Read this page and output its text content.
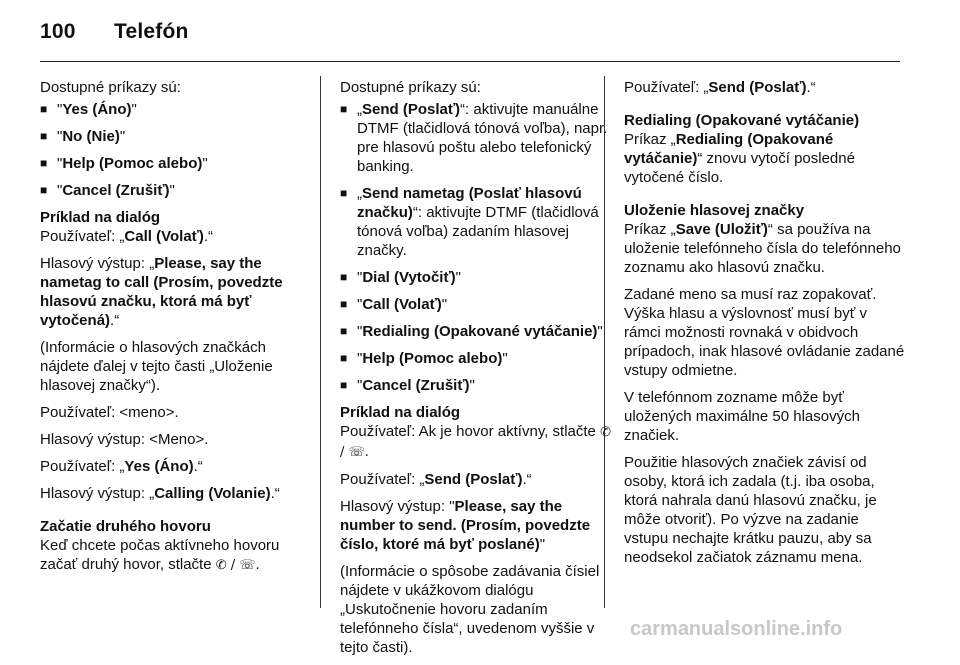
100 Telefón

Dostupné príkazy sú:

■ "Yes (Áno)"
■ "No (Nie)"
■ "Help (Pomoc alebo)"
■ "Cancel (Zrušiť)"
Príklad na dialóg

Používateľ: „Call (Volať).“

Hlasový výstup: „Please, say the nametag to call (Prosím, povedzte hlasovú značku, ktorá má byť vytočená).“

(Informácie o hlasových značkách nájdete ďalej v tejto časti „Uloženie hlasovej značky“).

Používateľ: <meno>.

Hlasový výstup: <Meno>.

Používateľ: „Yes (Áno).“

Hlasový výstup: „Calling (Volanie).“

Začatie druhého hovoru

Keď chcete počas aktívneho hovoru začať druhý hovor, stlačte ✆ / ☏.

Dostupné príkazy sú:

■ „Send (Poslať)“: aktivujte manuálne DTMF (tlačidlová tónová voľba), napr. pre hlasovú poštu alebo telefonický banking.
■ „Send nametag (Poslať hlasovú značku)“: aktivujte DTMF (tlačidlová tónová voľba) zadaním hlasovej značky.
■ "Dial (Vytočiť)"
■ "Call (Volať)"
■ "Redialing (Opakované vytáčanie)"
■ "Help (Pomoc alebo)"
■ "Cancel (Zrušiť)"
Príklad na dialóg

Používateľ: Ak je hovor aktívny, stlačte ✆ / ☏.

Používateľ: „Send (Poslať).“

Hlasový výstup: "Please, say the number to send. (Prosím, povedzte číslo, ktoré má byť poslané)"

(Informácie o spôsobe zadávania čísiel nájdete v ukážkovom dialógu „Uskutočnenie hovoru zadaním telefónneho čísla“, uvedenom vyššie v tejto časti).

Používateľ: „Send (Poslať).“

Redialing (Opakované vytáčanie)

Príkaz „Redialing (Opakované vytáčanie)“ znovu vytočí posledné vytočené číslo.

Uloženie hlasovej značky

Príkaz „Save (Uložiť)“ sa používa na uloženie telefónneho čísla do telefónneho zoznamu ako hlasovú značku.

Zadané meno sa musí raz zopakovať. Výška hlasu a výslovnosť musí byť v rámci možnosti rovnaká v obidvoch prípadoch, inak hlasové ovládanie zadané vstupy odmietne.

V telefónnom zozname môže byť uložených maximálne 50 hlasových značiek.

Použitie hlasových značiek závisí od osoby, ktorá ich zadala (t.j. iba osoba, ktorá nahrala danú hlasovú značku, je môže otvoriť). Po výzve na zadanie vstupu nechajte krátku pauzu, aby sa neodsekol začiatok záznamu mena.

carmanualsonline.info
